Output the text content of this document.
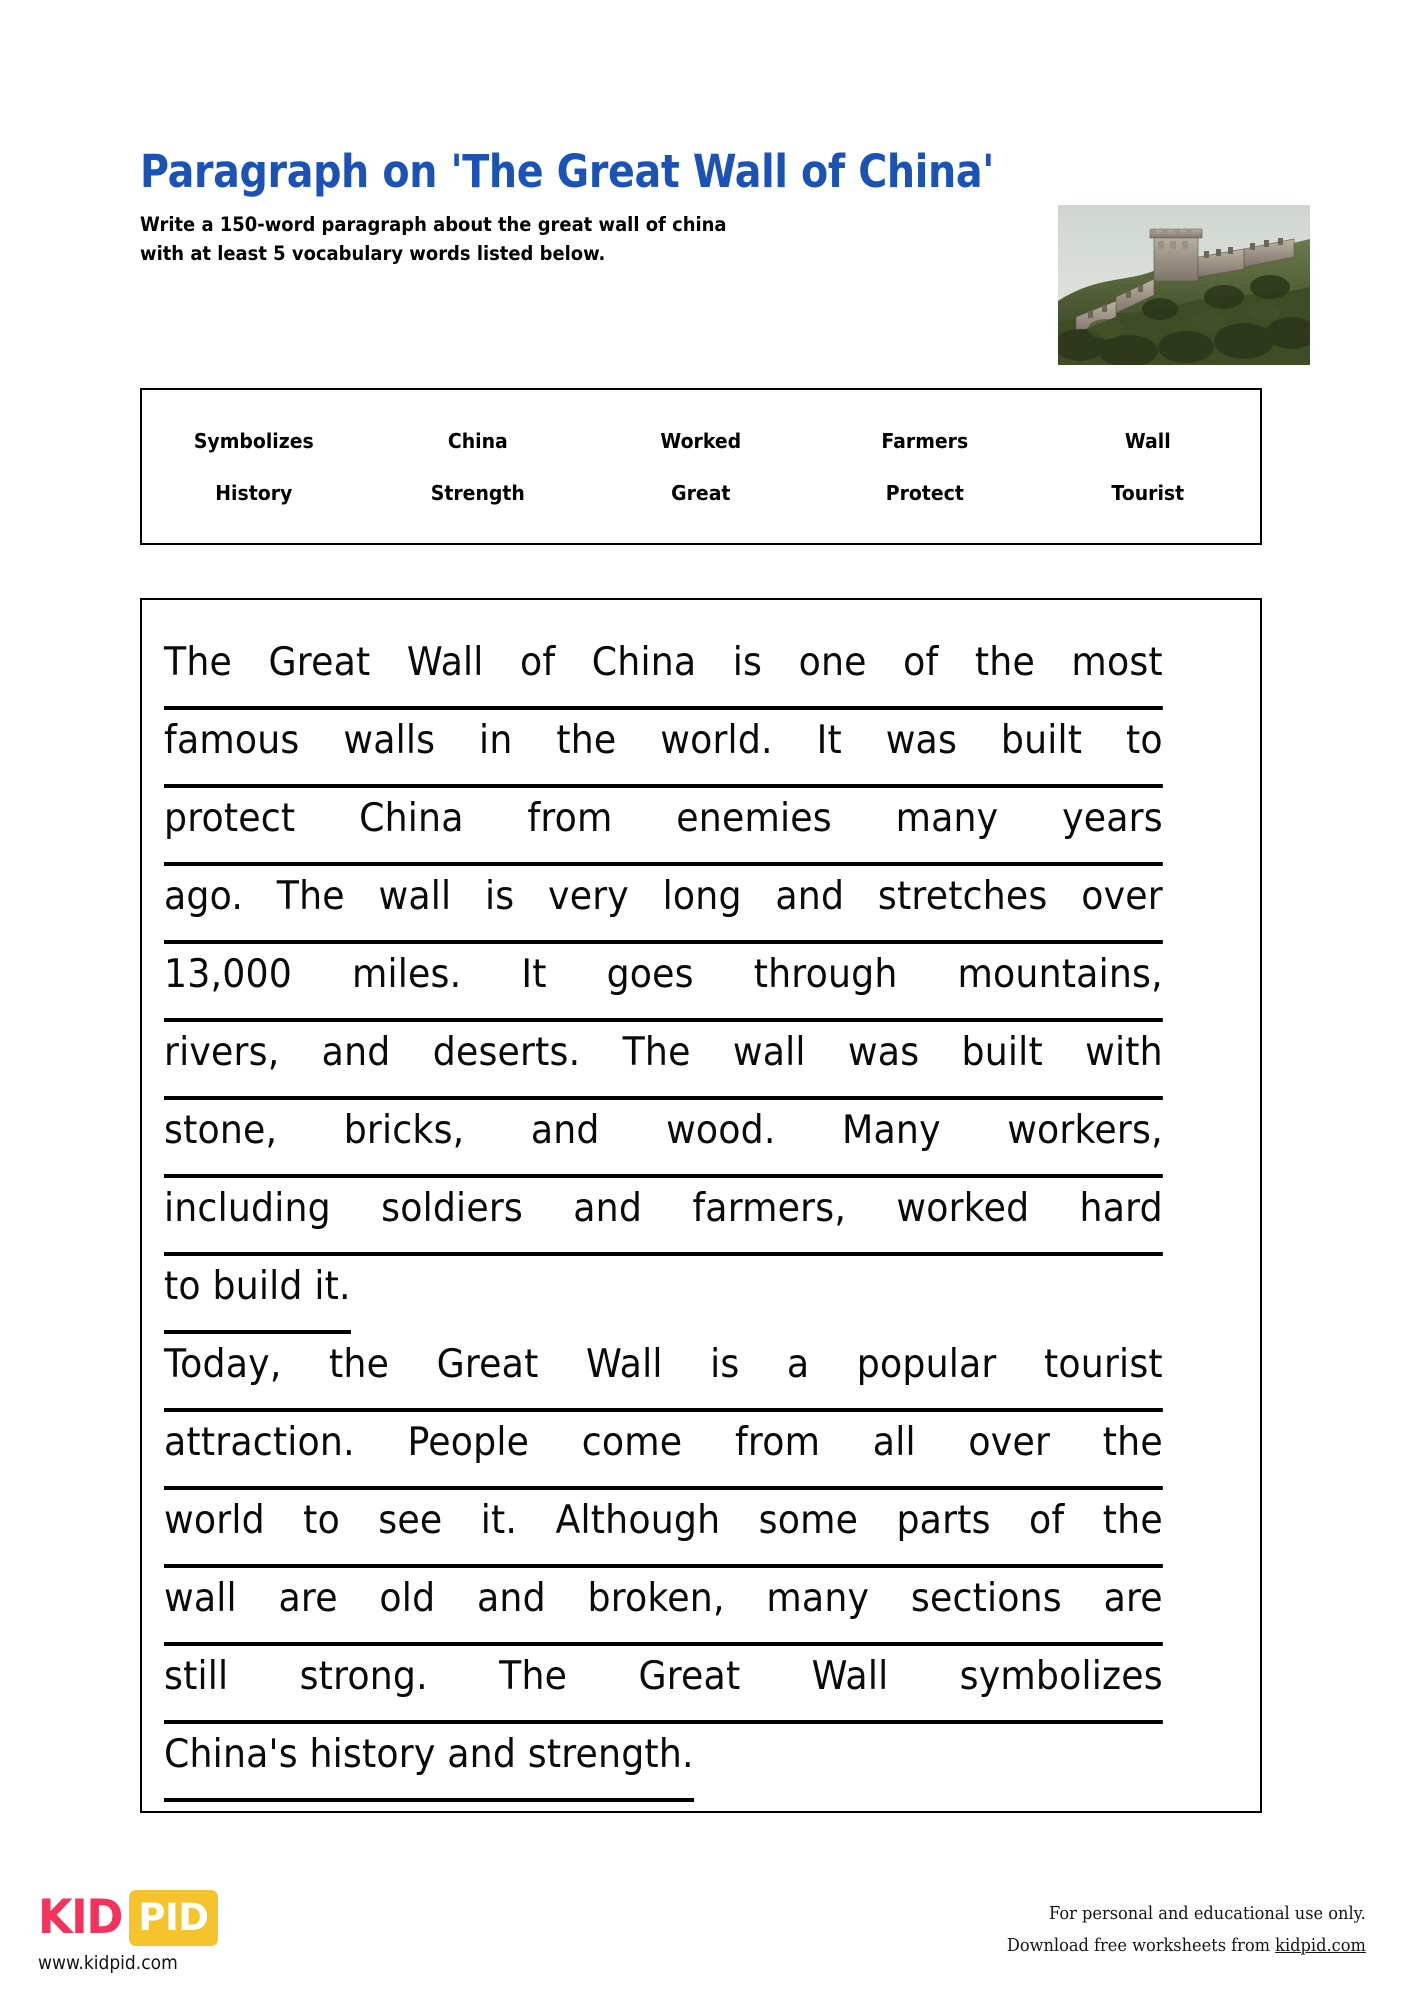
Paragraph on 'The Great Wall of China'

Write a 150-word paragraph about the great wall of china
with at least 5 vocabulary words listed below.

Symbolizes	China	Worked	Farmers	Wall
History	Strength	Great	Protect	Tourist
The Great Wall of China is one of the most
famous walls in the world. It was built to
protect China from enemies many years
ago. The wall is very long and stretches over
13,000 miles. It goes through mountains,
rivers, and deserts. The wall was built with
stone, bricks, and wood. Many workers,
including soldiers and farmers, worked hard
to build it.
Today, the Great Wall is a popular tourist
attraction. People come from all over the
world to see it. Although some parts of the
wall are old and broken, many sections are
still strong. The Great Wall symbolizes
China's history and strength.
KID PID
www.kidpid.com
For personal and educational use only.
Download free worksheets from kidpid.com
